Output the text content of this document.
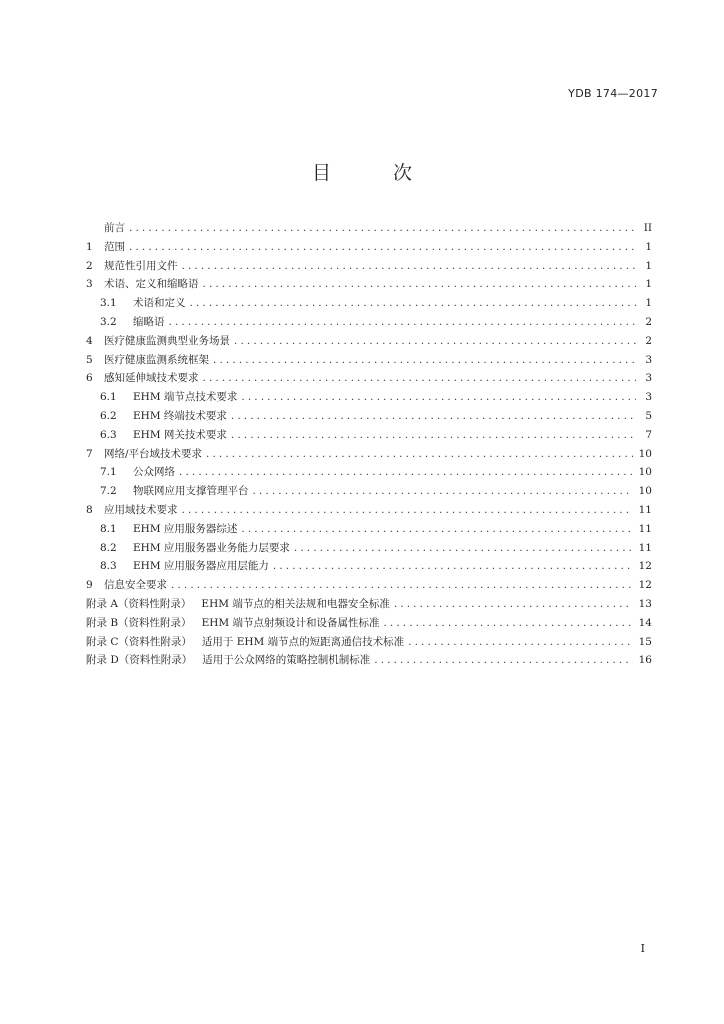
YDB 174—2017
目 次
前言 .....	II
1	范围 .....	1
2	规范性引用文件 .....	1
3	术语、定义和缩略语 .....	1
3.1	术语和定义 .....	1
3.2	缩略语 .....	2
4	医疗健康监测典型业务场景 .....	2
5	医疗健康监测系统框架 .....	3
6	感知延伸域技术要求 .....	3
6.1	EHM 端节点技术要求 .....	3
6.2	EHM 终端技术要求 .....	5
6.3	EHM 网关技术要求 .....	7
7	网络/平台域技术要求 .....	10
7.1	公众网络 .....	10
7.2	物联网应用支撑管理平台 .....	10
8	应用域技术要求 .....	11
8.1	EHM 应用服务器综述 .....	11
8.2	EHM 应用服务器业务能力层要求 .....	11
8.3	EHM 应用服务器应用层能力 .....	12
9	信息安全要求 .....	12
附录 A（资料性附录） EHM 端节点的相关法规和电器安全标准 .....	13
附录 B（资料性附录） EHM 端节点射频设计和设备属性标准 .....	14
附录 C（资料性附录） 适用于 EHM 端节点的短距离通信技术标准 .....	15
附录 D（资料性附录） 适用于公众网络的策略控制机制标准 .....	16
I
